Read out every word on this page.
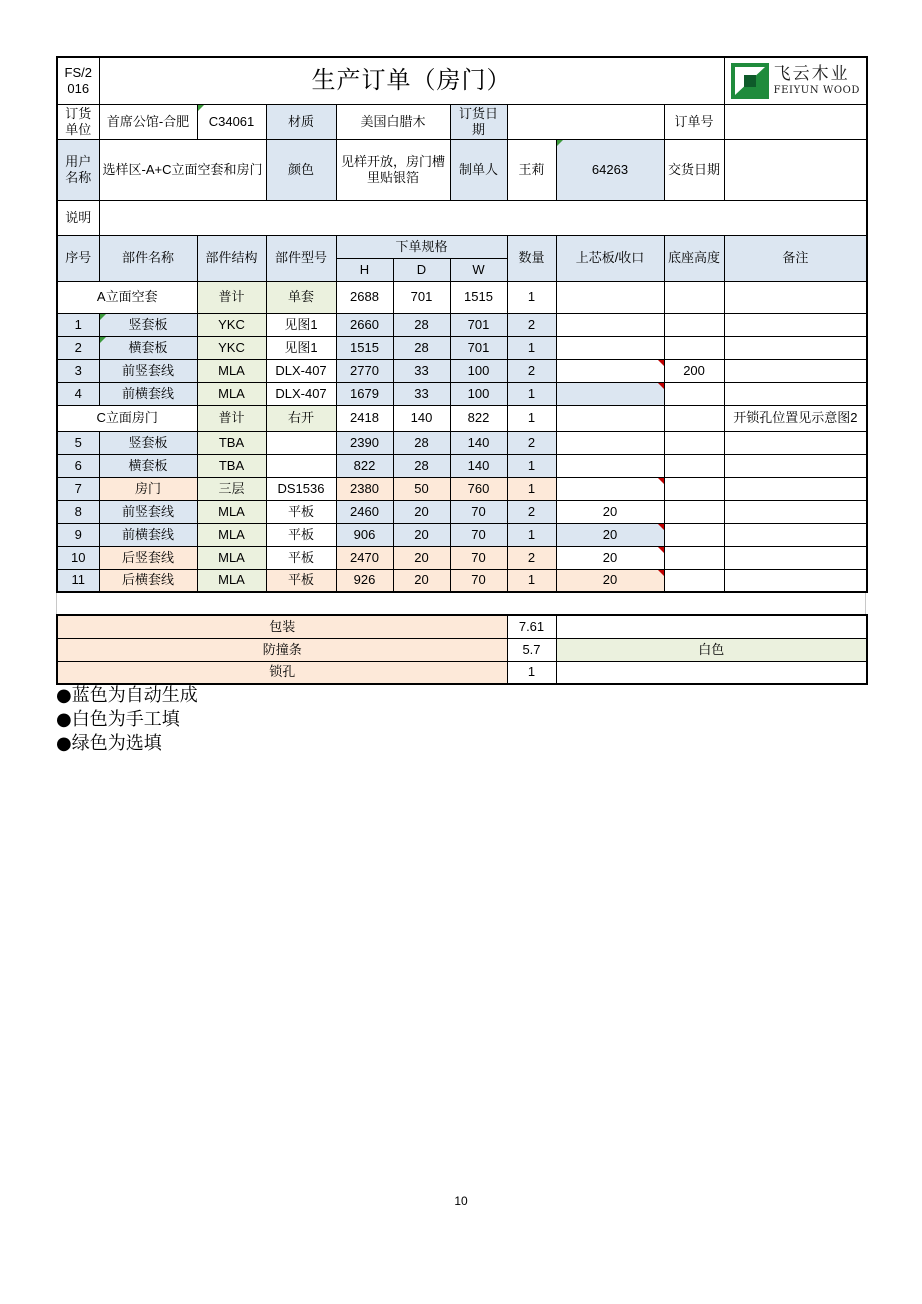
FS/2016	生产订单（房门）									飞云木业
FEIYUN WOOD

订货单位	首席公馆-合肥	C34061	材质	美国白腊木		订货日期			订单号	
用户名称	选样区-A+C立面空套和房门		颜色	见样开放，房门槽里贴银箔		制单人	王莉	64263	交货日期	
说明										
序号	部件名称	部件结构	部件型号	下单规格			数量	上芯板/收口	底座高度	备注
				H	D	W				
A立面空套		普计	单套	2688	701	1515	1			
1	竖套板	YKC	见图1	2660	28	701	2			
2	横套板	YKC	见图1	1515	28	701	1			
3	前竖套线	MLA	DLX-407	2770	33	100	2		200	
4	前横套线	MLA	DLX-407	1679	33	100	1	

C立面房门		普计	右开	2418	140	822	1			开锁孔位置见示意图2
5	竖套板	TBA		2390	28	140	2			
6	横套板	TBA		822	28	140	1			
7	房门	三层	DS1536	2380	50	760	1	

8	前竖套线	MLA	平板	2460	20	70	2	20		
9	前横套线	MLA	平板	906	20	70	1	20

10	后竖套线	MLA	平板	2470	20	70	2	20

11	后横套线	MLA	平板	926	20	70	1	20

包装	7.61	
防撞条	5.7	白色
锁孔	1	
●蓝色为自动生成
●白色为手工填
●绿色为选填
10
